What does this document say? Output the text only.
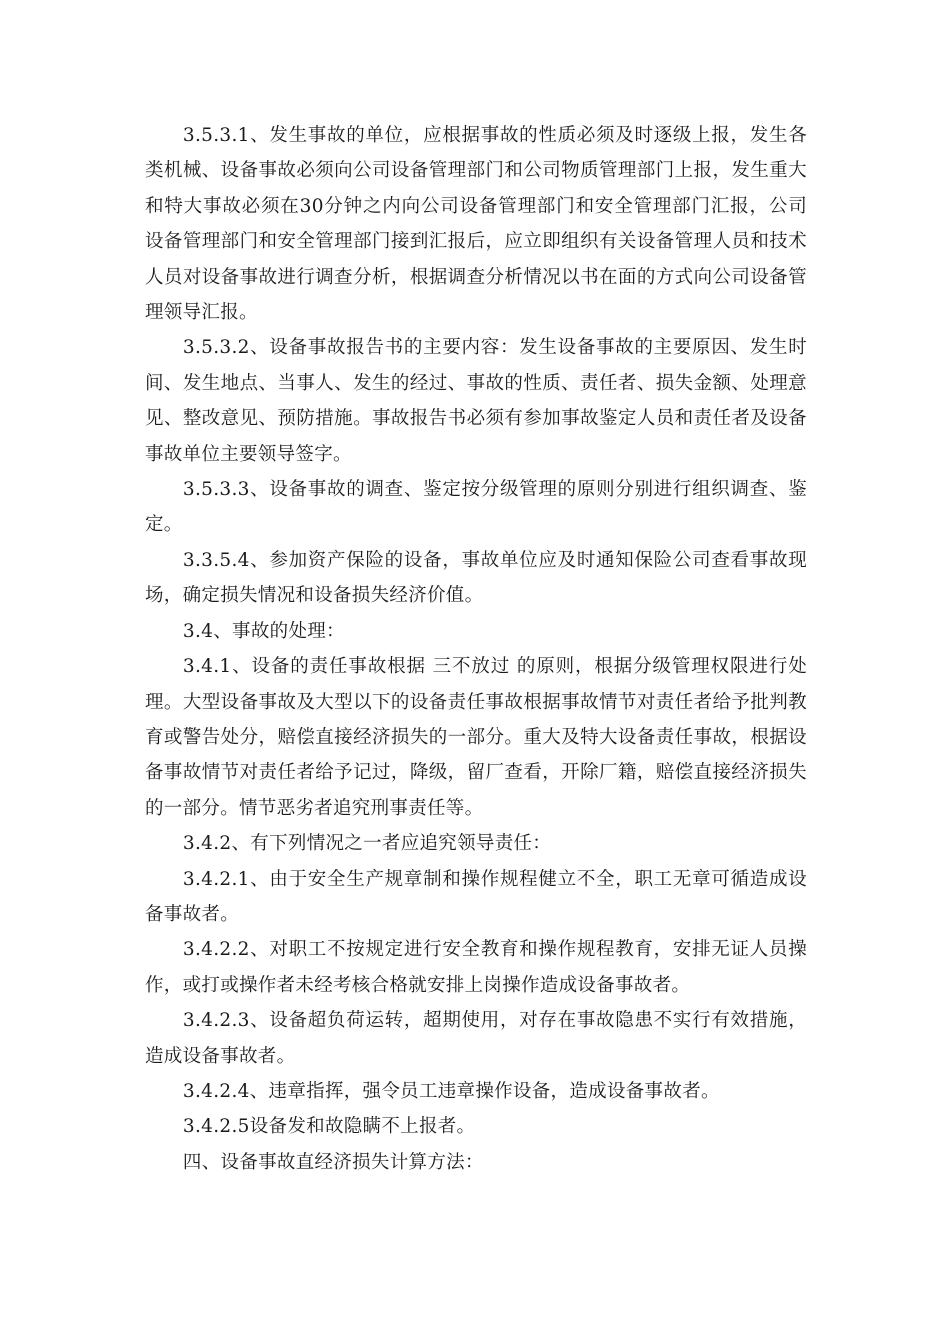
3.5.3.1、发生事故的单位，应根据事故的性质必须及时逐级上报，发生各类机械、设备事故必须向公司设备管理部门和公司物质管理部门上报，发生重大和特大事故必须在30分钟之内向公司设备管理部门和安全管理部门汇报，公司设备管理部门和安全管理部门接到汇报后，应立即组织有关设备管理人员和技术人员对设备事故进行调查分析，根据调查分析情况以书在面的方式向公司设备管理领导汇报。

3.5.3.2、设备事故报告书的主要内容：发生设备事故的主要原因、发生时间、发生地点、当事人、发生的经过、事故的性质、责任者、损失金额、处理意见、整改意见、预防措施。事故报告书必须有参加事故鉴定人员和责任者及设备事故单位主要领导签字。

3.5.3.3、设备事故的调查、鉴定按分级管理的原则分别进行组织调查、鉴定。

3.3.5.4、参加资产保险的设备，事故单位应及时通知保险公司查看事故现场，确定损失情况和设备损失经济价值。

3.4、事故的处理：

3.4.1、设备的责任事故根据 三不放过 的原则，根据分级管理权限进行处理。大型设备事故及大型以下的设备责任事故根据事故情节对责任者给予批判教育或警告处分，赔偿直接经济损失的一部分。重大及特大设备责任事故，根据设备事故情节对责任者给予记过，降级，留厂查看，开除厂籍，赔偿直接经济损失的一部分。情节恶劣者追究刑事责任等。

3.4.2、有下列情况之一者应追究领导责任：

3.4.2.1、由于安全生产规章制和操作规程健立不全，职工无章可循造成设备事故者。

3.4.2.2、对职工不按规定进行安全教育和操作规程教育，安排无证人员操作，或打或操作者未经考核合格就安排上岗操作造成设备事故者。

3.4.2.3、设备超负荷运转，超期使用，对存在事故隐患不实行有效措施，造成设备事故者。

3.4.2.4、违章指挥，强令员工违章操作设备，造成设备事故者。

3.4.2.5设备发和故隐瞒不上报者。

四、设备事故直经济损失计算方法：
